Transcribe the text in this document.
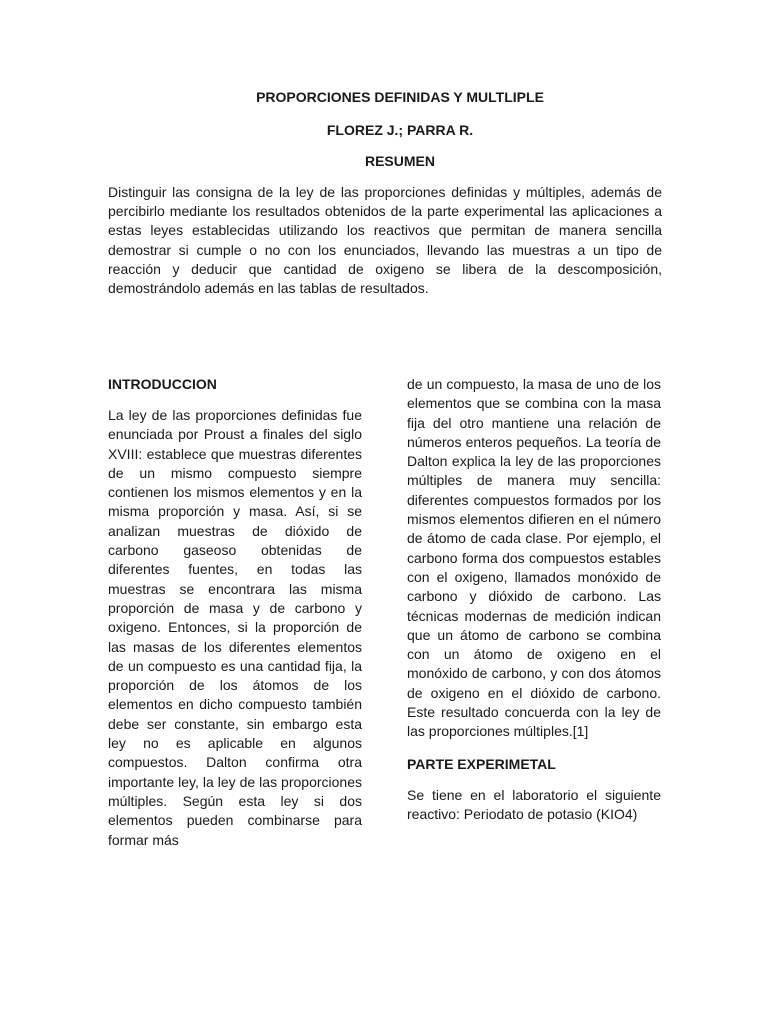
PROPORCIONES DEFINIDAS Y MULTLIPLE
FLOREZ J.; PARRA R.
RESUMEN

Distinguir las consigna de la ley de las proporciones definidas y múltiples, además de percibirlo mediante los resultados obtenidos de la parte experimental las aplicaciones a estas leyes establecidas utilizando los reactivos que permitan de manera sencilla demostrar si cumple o no con los enunciados, llevando las muestras a un tipo de reacción y deducir que cantidad de oxigeno se libera de la descomposición, demostrándolo además en las tablas de resultados.

INTRODUCCION

La ley de las proporciones definidas fue enunciada por Proust a finales del siglo XVIII: establece que muestras diferentes de un mismo compuesto siempre contienen los mismos elementos y en la misma proporción y masa. Así, si se analizan muestras de dióxido de carbono gaseoso obtenidas de diferentes fuentes, en todas las muestras se encontrara las misma proporción de masa y de carbono y oxigeno. Entonces, si la proporción de las masas de los diferentes elementos de un compuesto es una cantidad fija, la proporción de los átomos de los elementos en dicho compuesto también debe ser constante, sin embargo esta ley no es aplicable en algunos compuestos. Dalton confirma otra importante ley, la ley de las proporciones múltiples. Según esta ley si dos elementos pueden combinarse para formar más

de un compuesto, la masa de uno de los elementos que se combina con la masa fija del otro mantiene una relación de números enteros pequeños. La teoría de Dalton explica la ley de las proporciones múltiples de manera muy sencilla: diferentes compuestos formados por los mismos elementos difieren en el número de átomo de cada clase. Por ejemplo, el carbono forma dos compuestos estables con el oxigeno, llamados monóxido de carbono y dióxido de carbono. Las técnicas modernas de medición indican que un átomo de carbono se combina con un átomo de oxigeno en el monóxido de carbono, y con dos átomos de oxigeno en el dióxido de carbono. Este resultado concuerda con la ley de las proporciones múltiples.[1]

PARTE EXPERIMETAL

Se tiene en el laboratorio el siguiente reactivo: Periodato de potasio (KIO4)
